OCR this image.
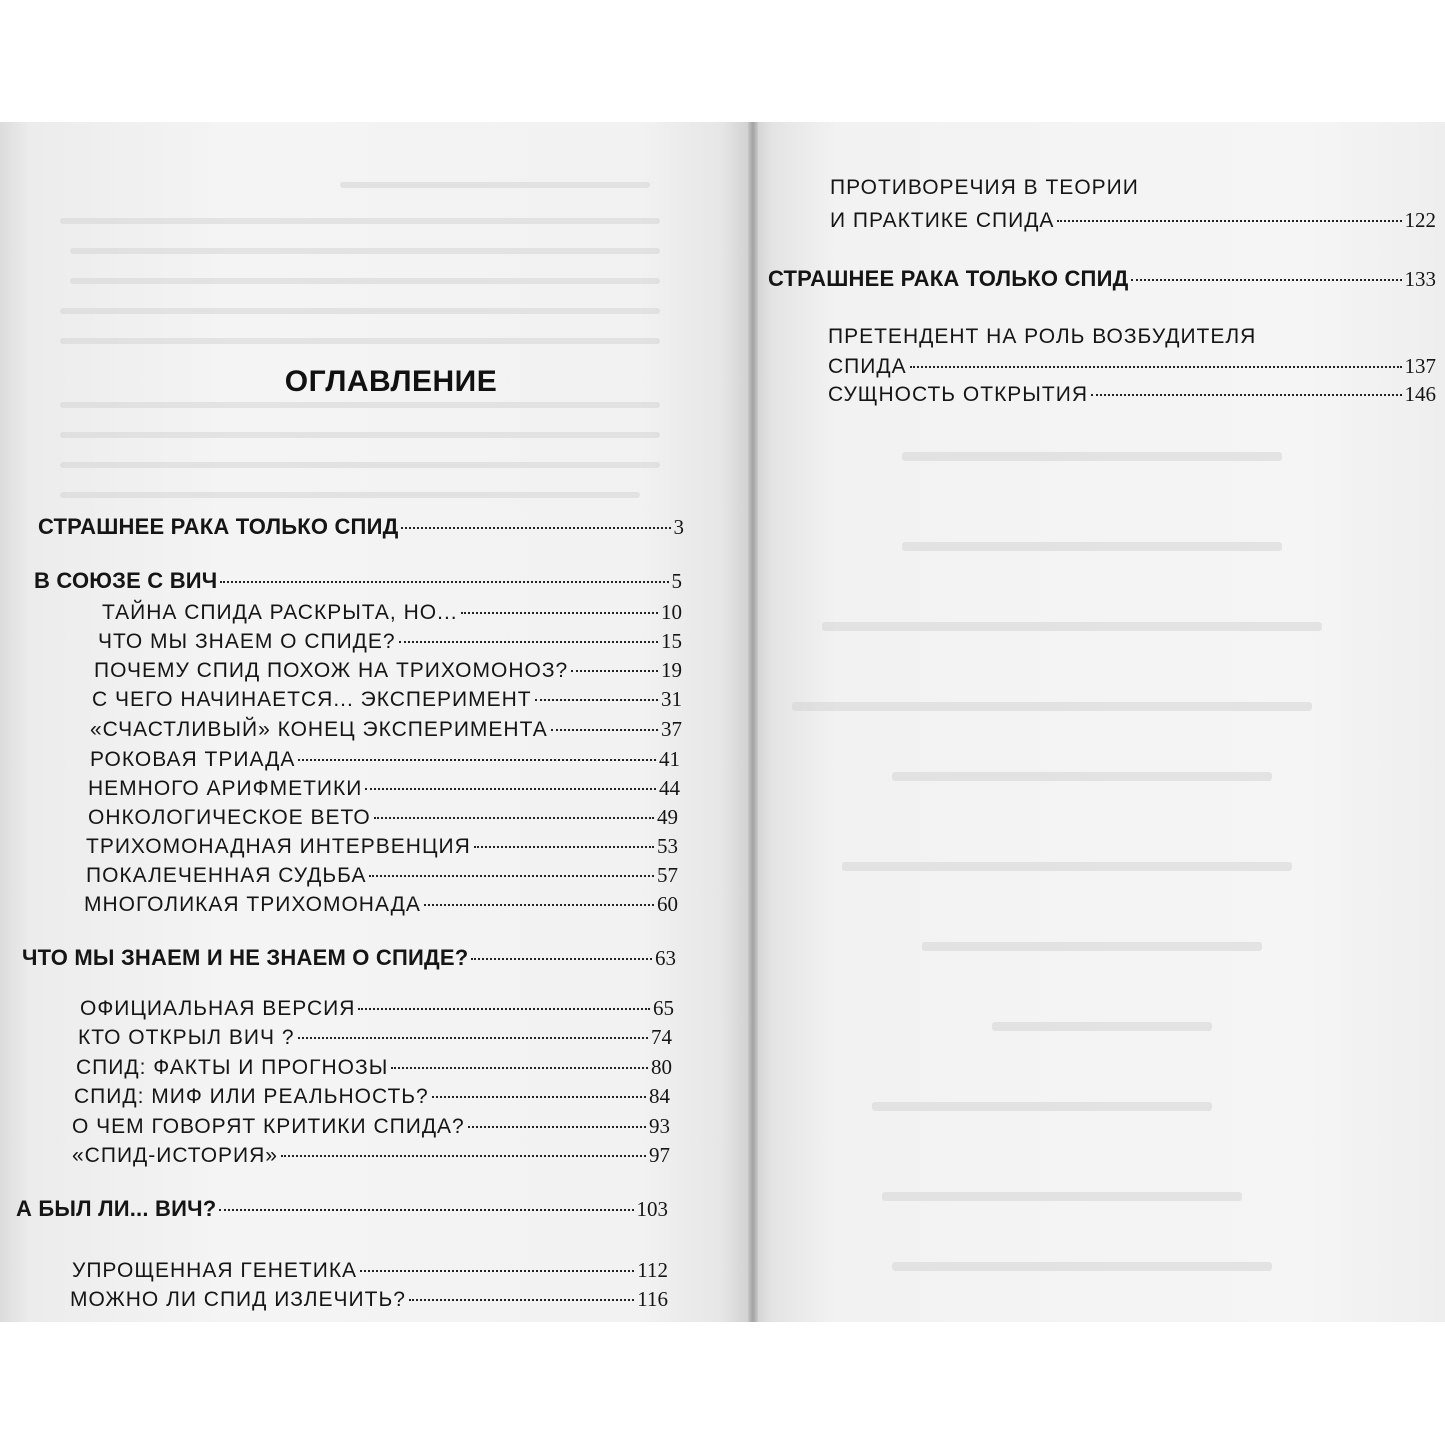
ОГЛАВЛЕНИЕ
СТРАШНЕЕ РАКА ТОЛЬКО СПИД	3
В СОЮЗЕ С ВИЧ	5
ТАЙНА СПИДА РАСКРЫТА, НО...	10
ЧТО МЫ ЗНАЕМ О СПИДЕ?	15
ПОЧЕМУ СПИД ПОХОЖ НА ТРИХОМОНОЗ?	19
С ЧЕГО НАЧИНАЕТСЯ... ЭКСПЕРИМЕНТ	31
«СЧАСТЛИВЫЙ» КОНЕЦ ЭКСПЕРИМЕНТА	37
РОКОВАЯ ТРИАДА	41
НЕМНОГО АРИФМЕТИКИ	44
ОНКОЛОГИЧЕСКОЕ ВЕТО	49
ТРИХОМОНАДНАЯ ИНТЕРВЕНЦИЯ	53
ПОКАЛЕЧЕННАЯ СУДЬБА	57
МНОГОЛИКАЯ ТРИХОМОНАДА	60
ЧТО МЫ ЗНАЕМ И НЕ ЗНАЕМ О СПИДЕ?	63
ОФИЦИАЛЬНАЯ ВЕРСИЯ	65
КТО ОТКРЫЛ ВИЧ ?	74
СПИД: ФАКТЫ И ПРОГНОЗЫ	80
СПИД: МИФ ИЛИ РЕАЛЬНОСТЬ?	84
О ЧЕМ ГОВОРЯТ КРИТИКИ СПИДА?	93
«СПИД-ИСТОРИЯ»	97
А БЫЛ ЛИ... ВИЧ?	103
УПРОЩЕННАЯ ГЕНЕТИКА	112
МОЖНО ЛИ СПИД ИЗЛЕЧИТЬ?	116
ПРОТИВОРЕЧИЯ В ТЕОРИИ
И ПРАКТИКЕ СПИДА	122
СТРАШНЕЕ РАКА ТОЛЬКО СПИД	133
ПРЕТЕНДЕНТ НА РОЛЬ ВОЗБУДИТЕЛЯ
СПИДА	137
СУЩНОСТЬ ОТКРЫТИЯ	146
